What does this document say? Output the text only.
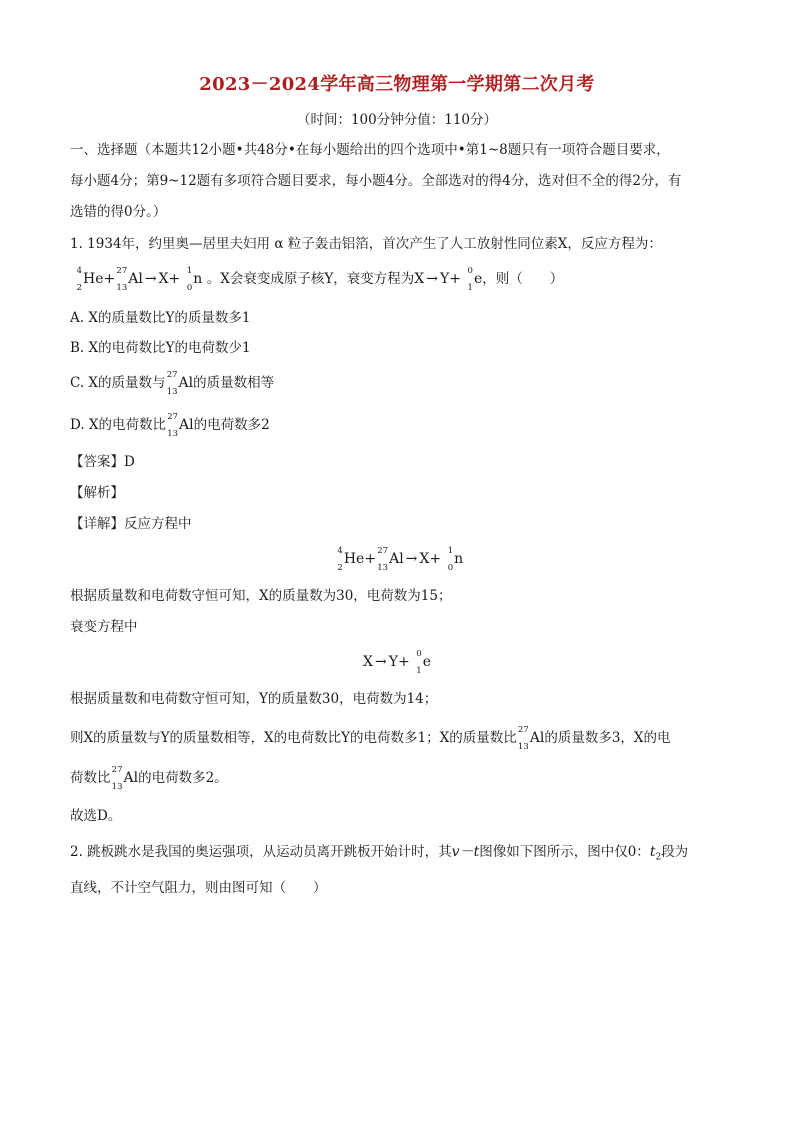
2023－2024学年高三物理第一学期第二次月考
（时间：100分钟分值：110分）
一、选择题（本题共12小题•共48分•在每小题给出的四个选项中•第1~8题只有一项符合题目要求，
每小题4分；第9~12题有多项符合题目要求，每小题4分。全部选对的得4分，选对但不全的得2分，有
选错的得0分。）
1. 1934年，约里奥—居里夫妇用 α 粒子轰击铝箔，首次产生了人工放射性同位素X，反应方程为：
4
2
He+ 27
13
Al → X+ 1
0
n 。X会衰变成原子核Y，衰变方程为X → Y+ 0
1
e，则（　　）
A. X的质量数比Y的质量数多1
B. X的电荷数比Y的电荷数少1
C. X的质量数与 27
13
Al的质量数相等
D. X的电荷数比 27
13
Al的电荷数多2
【答案】D
【解析】
【详解】反应方程中
4
2
He+ 27
13
Al → X+ 1
0
n
根据质量数和电荷数守恒可知，X的质量数为30，电荷数为15；
衰变方程中
X → Y+ 0
1
e
根据质量数和电荷数守恒可知，Y的质量数30，电荷数为14；
则X的质量数与Y的质量数相等，X的电荷数比Y的电荷数多1；X的质量数比 27
13
Al的质量数多3，X的电
荷数比 27
13
Al的电荷数多2。
故选D。
2. 跳板跳水是我国的奥运强项，从运动员离开跳板开始计时，其v－t图像如下图所示，图中仅0：$t_2$段为
直线，不计空气阻力，则由图可知（　　）
